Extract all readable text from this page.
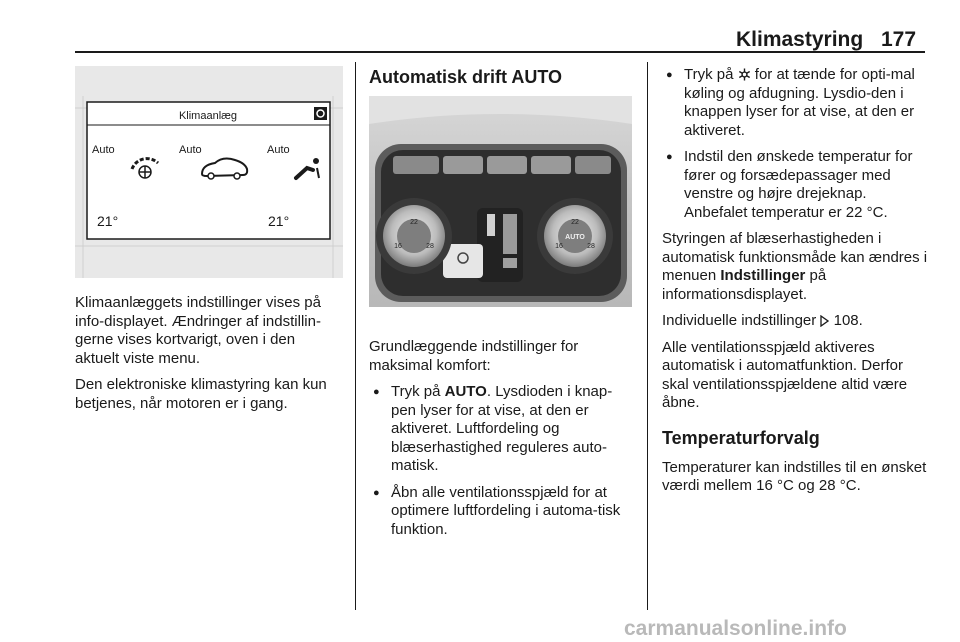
Klimastyring 177
Klimaanlæg
Auto	Auto	Auto
21°	21°	22
16	28
22
AUTO
16	28

Klimaanlæggets indstillinger vises på info-displayet. Ændringer af indstillin-gerne vises kortvarigt, oven i den aktuelt viste menu.

Den elektroniske klimastyring kan kun betjenes, når motoren er i gang.

Automatisk drift AUTO

Grundlæggende indstillinger for maksimal komfort:

● Tryk på AUTO. Lysdioden i knap-pen lyser for at vise, at den er aktiveret. Luftfordeling og blæserhastighed reguleres auto-matisk.
● Åbn alle ventilationsspjæld for at optimere luftfordeling i automa-tisk funktion.
● Tryk på  for at tænde for opti-mal køling og afdugning. Lysdio-den i knappen lyser for at vise, at den er aktiveret.
● Indstil den ønskede temperatur for fører og forsædepassager med venstre og højre drejeknap. Anbefalet temperatur er 22 °C.

Styringen af blæserhastigheden i automatisk funktionsmåde kan ændres i menuen Indstillinger på informationsdisplayet.

Individuelle indstillinger  108.

Alle ventilationsspjæld aktiveres automatisk i automatfunktion. Derfor skal ventilationsspjældene altid være åbne.

Temperaturforvalg

Temperaturer kan indstilles til en ønsket værdi mellem 16 °C og 28 °C.

carmanualsonline.info
